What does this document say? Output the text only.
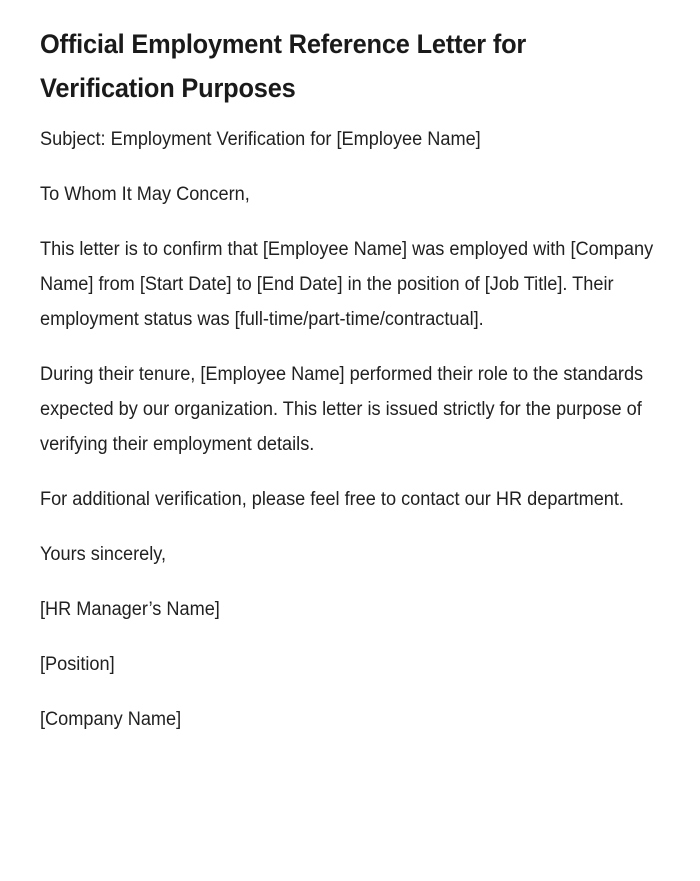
Official Employment Reference Letter for Verification Purposes

Subject: Employment Verification for [Employee Name]

To Whom It May Concern,

This letter is to confirm that [Employee Name] was employed with [Company Name] from [Start Date] to [End Date] in the position of [Job Title]. Their employment status was [full-time/part-time/contractual].

During their tenure, [Employee Name] performed their role to the standards expected by our organization. This letter is issued strictly for the purpose of verifying their employment details.

For additional verification, please feel free to contact our HR department.

Yours sincerely,

[HR Manager’s Name]

[Position]

[Company Name]
